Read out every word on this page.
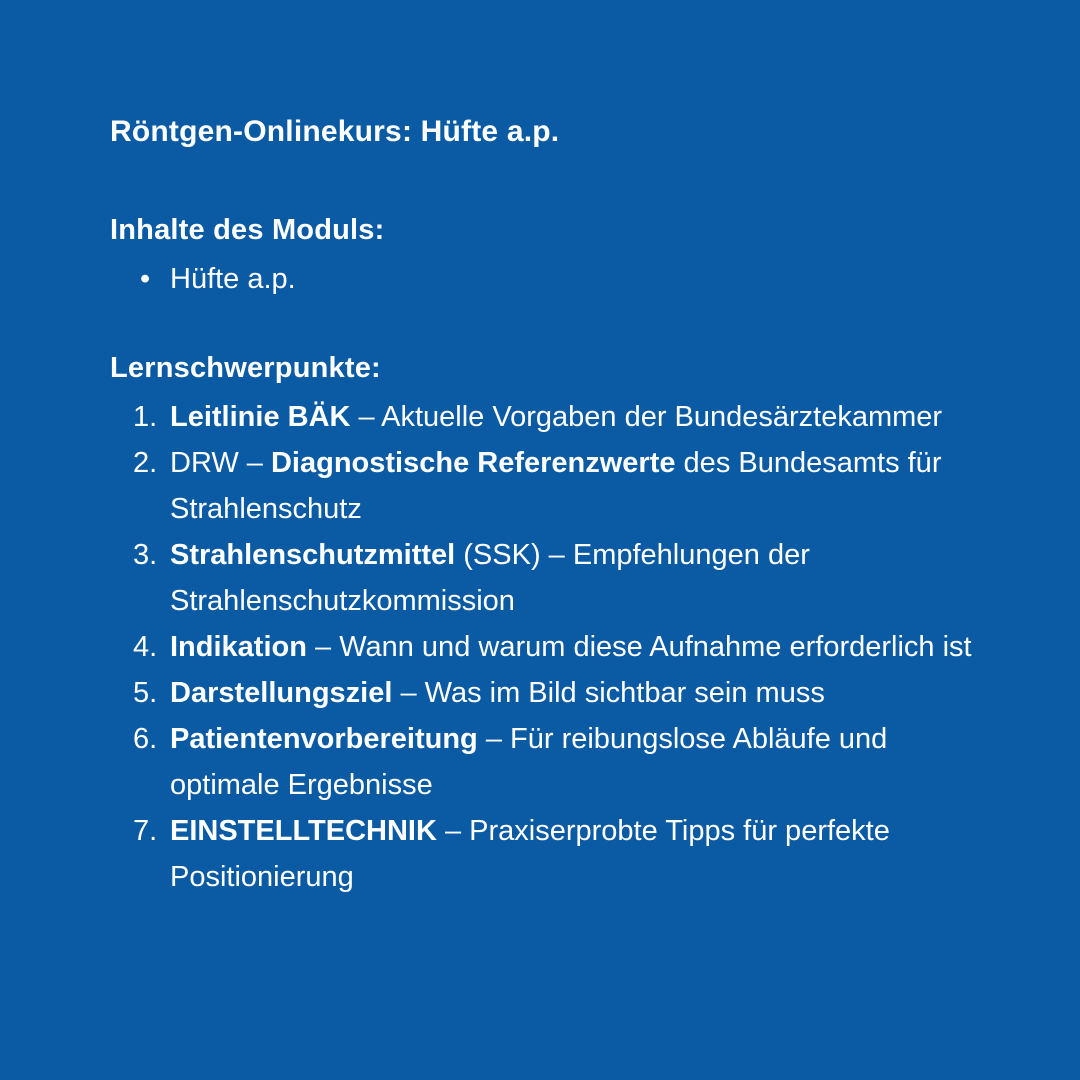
Röntgen-Onlinekurs: Hüfte a.p.
Inhalte des Moduls:
• Hüfte a.p.
Lernschwerpunkte:
1. Leitlinie BÄK – Aktuelle Vorgaben der Bundesärztekammer
2. DRW – Diagnostische Referenzwerte des Bundesamts für Strahlenschutz
3. Strahlenschutzmittel (SSK) – Empfehlungen der Strahlenschutzkommission
4. Indikation – Wann und warum diese Aufnahme erforderlich ist
5. Darstellungsziel – Was im Bild sichtbar sein muss
6. Patientenvorbereitung – Für reibungslose Abläufe und optimale Ergebnisse
7. EINSTELLTECHNIK – Praxiserprobte Tipps für perfekte Positionierung
